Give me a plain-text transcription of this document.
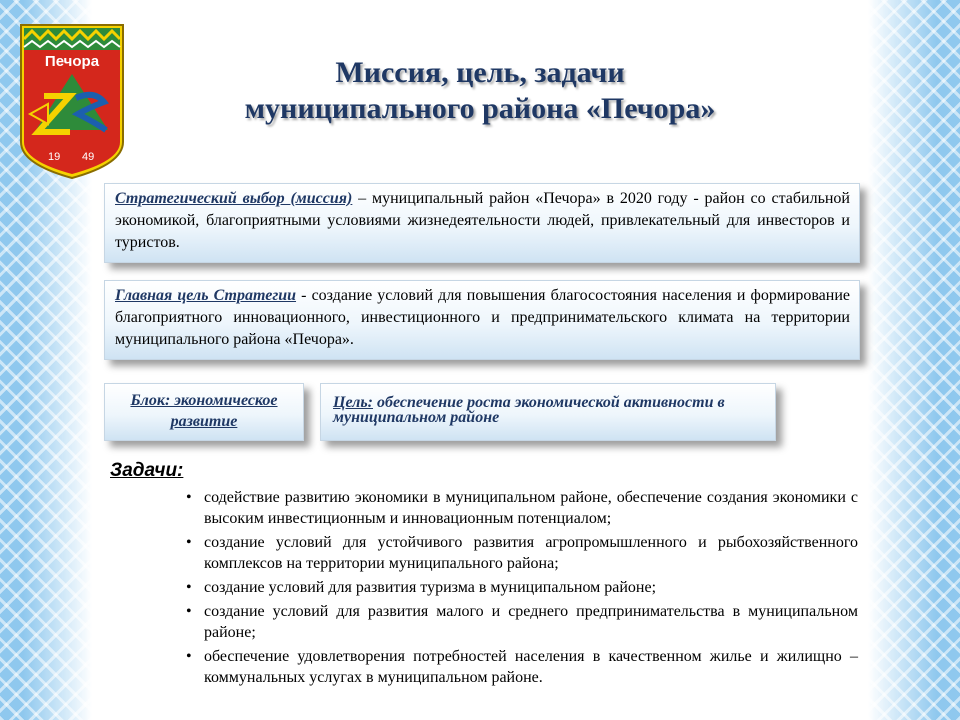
Печора
19 49
Миссия, цель, задачи
муниципального района «Печора»
Стратегический выбор (миссия) – муниципальный район «Печора» в 2020 году - район со стабильной экономикой, благоприятными условиями жизнедеятельности людей, привлекательный для инвесторов и туристов.
Главная цель Стратегии - создание условий для повышения благосостояния населения и формирование благоприятного инновационного, инвестиционного и предпринимательского климата на территории муниципального района «Печора».
Блок: экономическое развитие
Цель: обеспечение роста экономической активности в муниципальном районе
Задачи:
• содействие развитию экономики в муниципальном районе, обеспечение создания экономики с высоким инвестиционным и инновационным потенциалом;
• создание условий для устойчивого развития агропромышленного и рыбохозяйственного комплексов на территории муниципального района;
• создание условий для развития туризма в муниципальном районе;
• создание условий для развития малого и среднего предпринимательства в муниципальном районе;
• обеспечение удовлетворения потребностей населения в качественном жилье и жилищно – коммунальных услугах в муниципальном районе.
